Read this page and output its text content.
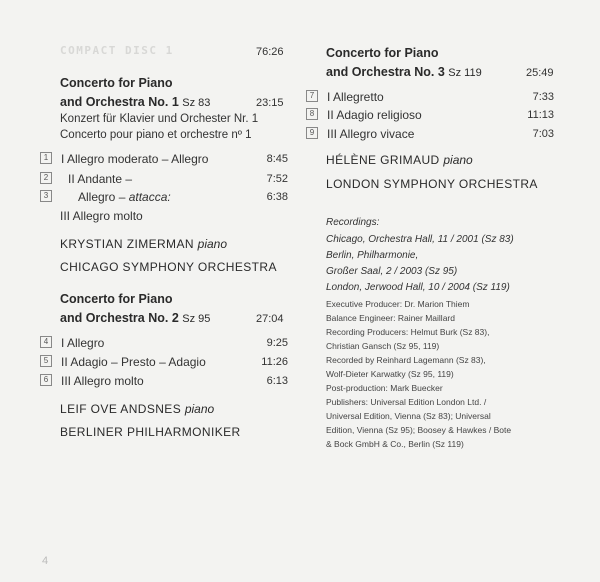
COMPACT DISC 1	76:26
Concerto for Piano
and Orchestra No. 1 Sz 83	23:15
Konzert für Klavier und Orchester Nr. 1
Concerto pour piano et orchestre nº 1
1	I Allegro moderato – Allegro	8:45
2	II Andante –	7:52
3	Allegro – attacca:	6:38
III Allegro molto
KRYSTIAN ZIMERMAN piano
CHICAGO SYMPHONY ORCHESTRA
Concerto for Piano
and Orchestra No. 2 Sz 95	27:04
4	I Allegro	9:25
5	II Adagio – Presto – Adagio	11:26
6	III Allegro molto	6:13
LEIF OVE ANDSNES piano
BERLINER PHILHARMONIKER
Concerto for Piano
and Orchestra No. 3 Sz 119	25:49
7	I Allegretto	7:33
8	II Adagio religioso	11:13
9	III Allegro vivace	7:03
HÉLÈNE GRIMAUD piano
LONDON SYMPHONY ORCHESTRA
Recordings:
Chicago, Orchestra Hall, 11 / 2001 (Sz 83)
Berlin, Philharmonie,
Großer Saal, 2 / 2003 (Sz 95)
London, Jerwood Hall, 10 / 2004 (Sz 119)
Executive Producer: Dr. Marion Thiem
Balance Engineer: Rainer Maillard
Recording Producers: Helmut Burk (Sz 83),
Christian Gansch (Sz 95, 119)
Recorded by Reinhard Lagemann (Sz 83),
Wolf-Dieter Karwatky (Sz 95, 119)
Post-production: Mark Buecker
Publishers: Universal Edition London Ltd. /
Universal Edition, Vienna (Sz 83); Universal
Edition, Vienna (Sz 95); Boosey & Hawkes / Bote
& Bock GmbH & Co., Berlin (Sz 119)
4
